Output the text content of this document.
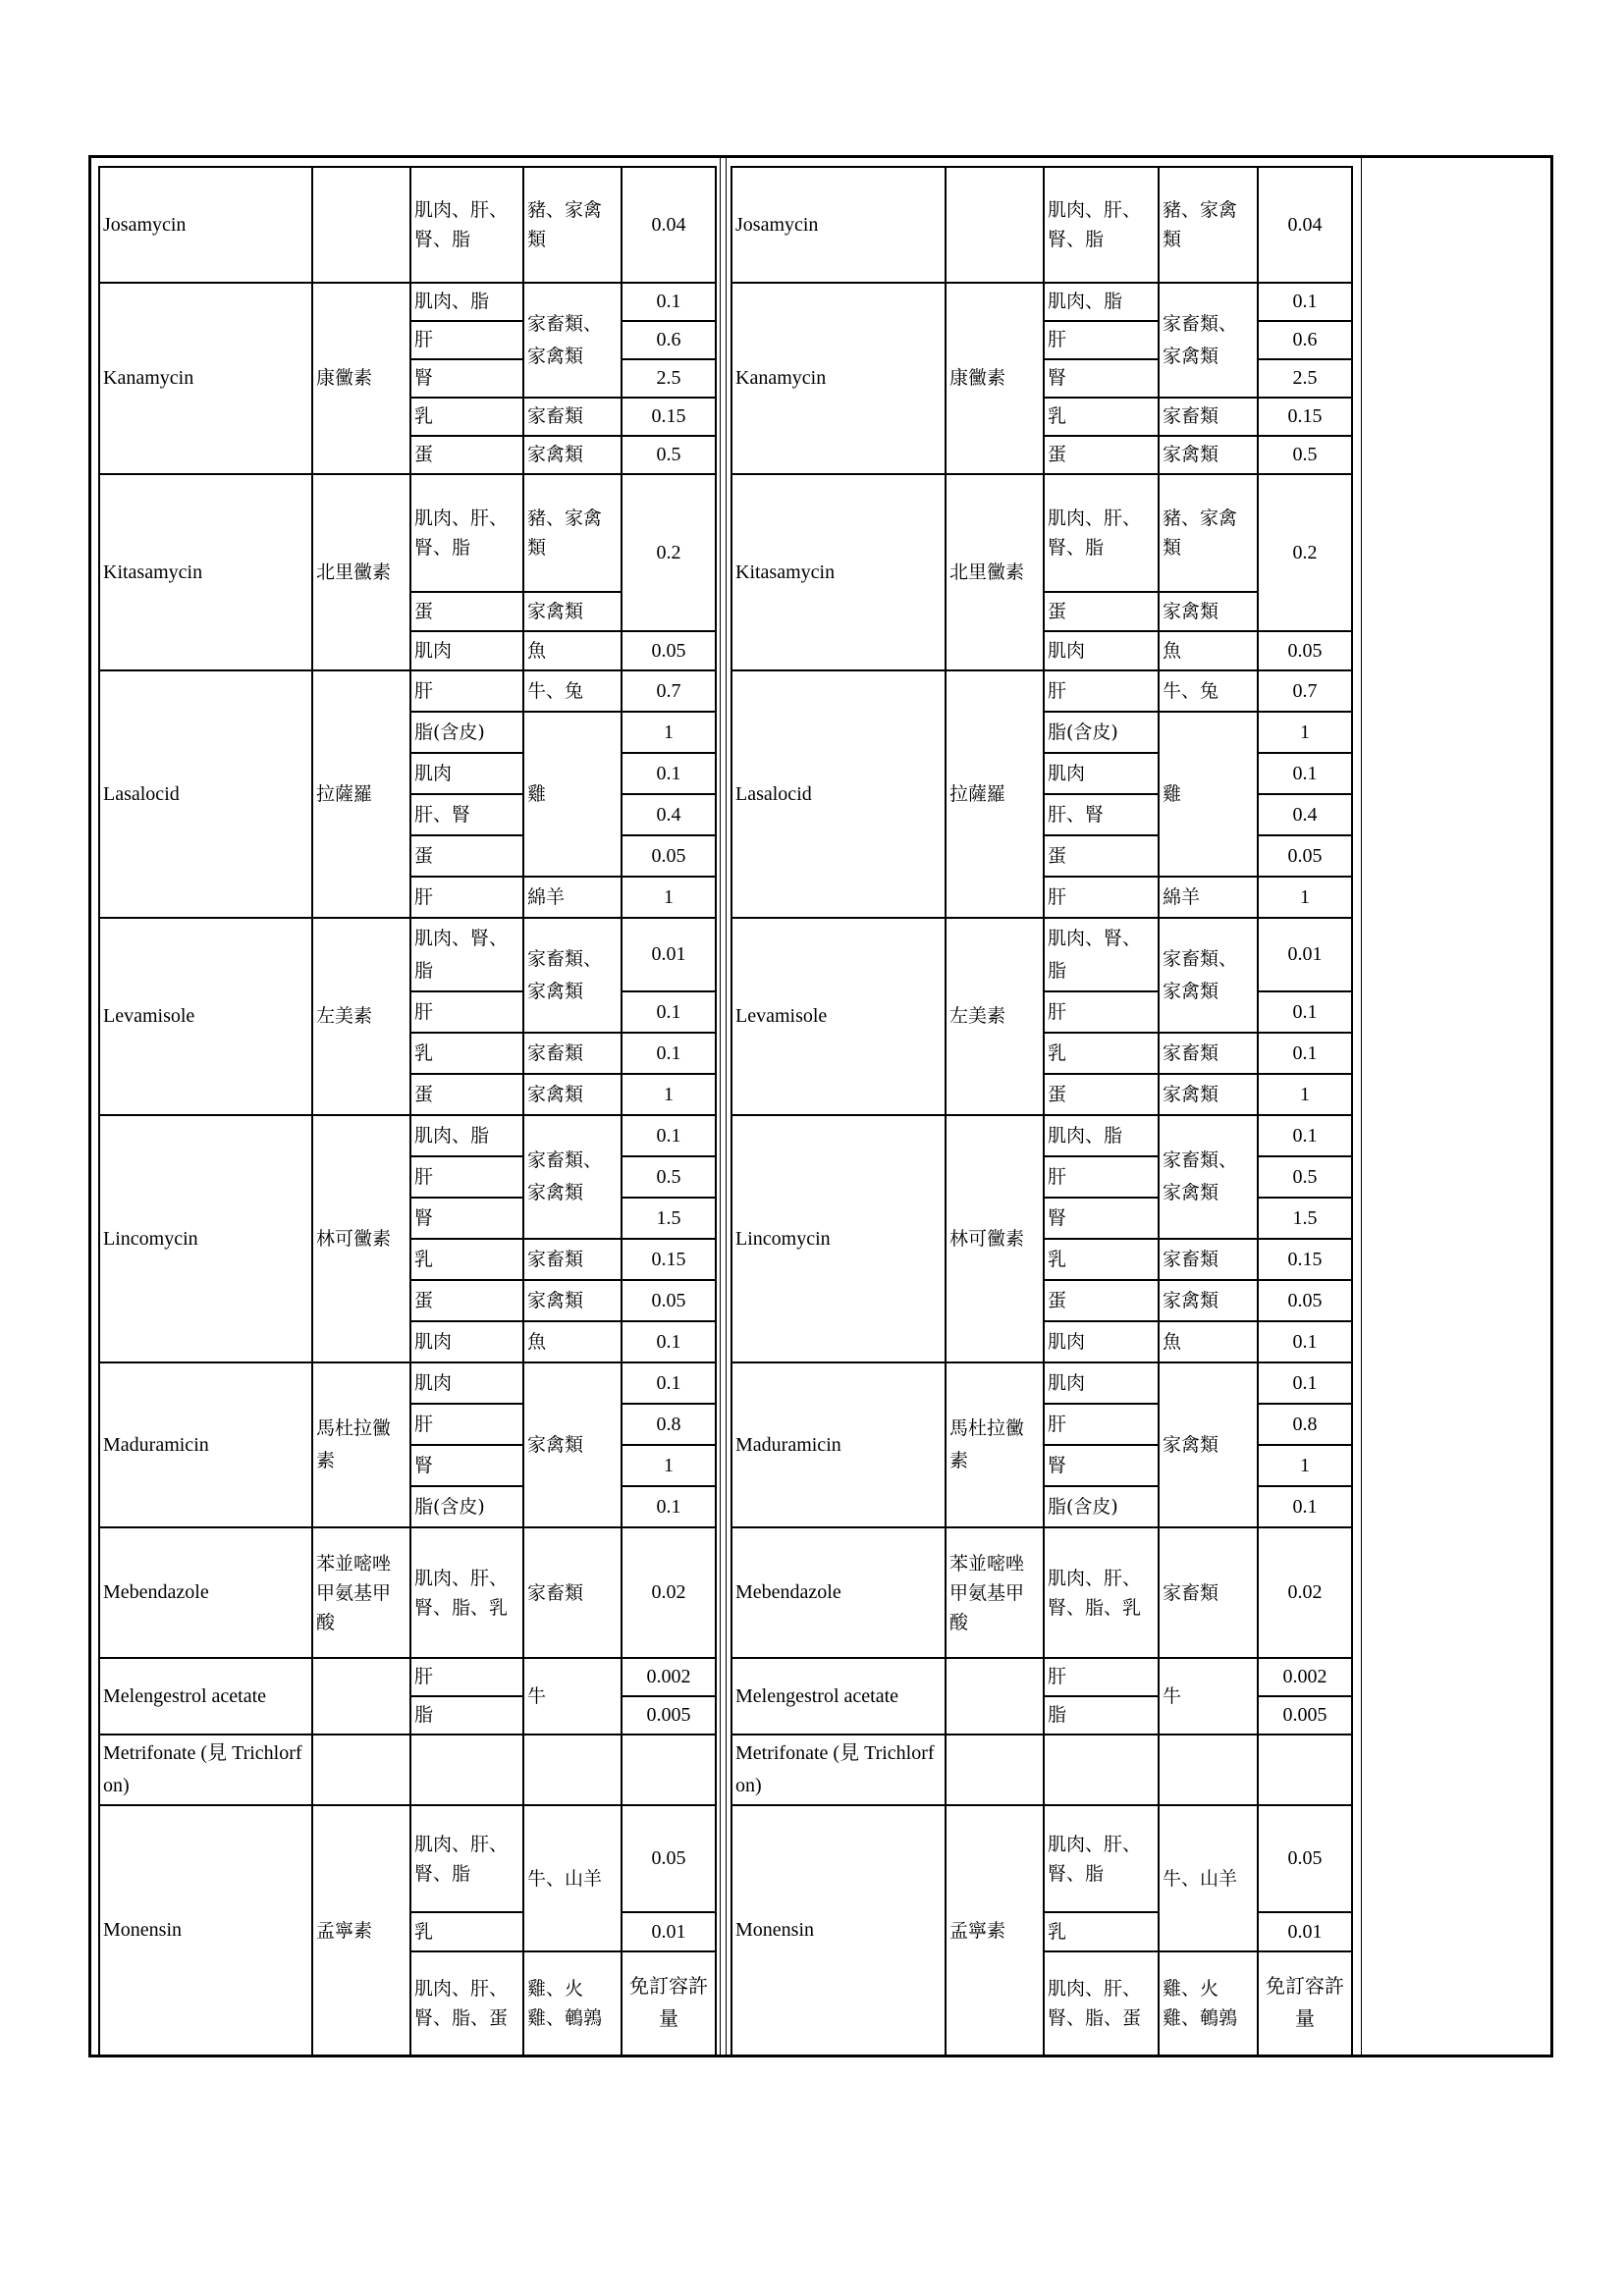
Josamycin		肌肉、肝、腎、脂	豬、家禽類	0.04
Kanamycin	康黴素	肌肉、脂	家畜類、家禽類	0.1
		肝		0.6
		腎		2.5
		乳	家畜類	0.15
		蛋	家禽類	0.5
Kitasamycin	北里黴素	肌肉、肝、腎、脂	豬、家禽類	0.2
		蛋	家禽類	
		肌肉	魚	0.05
Lasalocid	拉薩羅	肝	牛、兔	0.7
		脂(含皮)	雞	1
		肌肉		0.1
		肝、腎		0.4
		蛋		0.05
		肝	綿羊	1
Levamisole	左美素	肌肉、腎、脂	家畜類、家禽類	0.01
		肝		0.1
		乳	家畜類	0.1
		蛋	家禽類	1
Lincomycin	林可黴素	肌肉、脂	家畜類、家禽類	0.1
		肝		0.5
		腎		1.5
		乳	家畜類	0.15
		蛋	家禽類	0.05
		肌肉	魚	0.1
Maduramicin	馬杜拉黴素	肌肉	家禽類	0.1
		肝		0.8
		腎		1
		脂(含皮)		0.1
Mebendazole	苯並嘧唑甲氨基甲酸	肌肉、肝、腎、脂、乳	家畜類	0.02
Melengestrol acetate		肝	牛	0.002
		脂		0.005
Metrifonate (見 Trichlorfon)				
Monensin	孟寧素	肌肉、肝、腎、脂	牛、山羊	0.05
		乳		0.01
		肌肉、肝、腎、脂、蛋	雞、火雞、鵪鶉	免訂容許量
Josamycin		肌肉、肝、腎、脂	豬、家禽類	0.04
Kanamycin	康黴素	肌肉、脂	家畜類、家禽類	0.1
		肝		0.6
		腎		2.5
		乳	家畜類	0.15
		蛋	家禽類	0.5
Kitasamycin	北里黴素	肌肉、肝、腎、脂	豬、家禽類	0.2
		蛋	家禽類	
		肌肉	魚	0.05
Lasalocid	拉薩羅	肝	牛、兔	0.7
		脂(含皮)	雞	1
		肌肉		0.1
		肝、腎		0.4
		蛋		0.05
		肝	綿羊	1
Levamisole	左美素	肌肉、腎、脂	家畜類、家禽類	0.01
		肝		0.1
		乳	家畜類	0.1
		蛋	家禽類	1
Lincomycin	林可黴素	肌肉、脂	家畜類、家禽類	0.1
		肝		0.5
		腎		1.5
		乳	家畜類	0.15
		蛋	家禽類	0.05
		肌肉	魚	0.1
Maduramicin	馬杜拉黴素	肌肉	家禽類	0.1
		肝		0.8
		腎		1
		脂(含皮)		0.1
Mebendazole	苯並嘧唑甲氨基甲酸	肌肉、肝、腎、脂、乳	家畜類	0.02
Melengestrol acetate		肝	牛	0.002
		脂		0.005
Metrifonate (見 Trichlorfon)				
Monensin	孟寧素	肌肉、肝、腎、脂	牛、山羊	0.05
		乳		0.01
		肌肉、肝、腎、脂、蛋	雞、火雞、鵪鶉	免訂容許量
